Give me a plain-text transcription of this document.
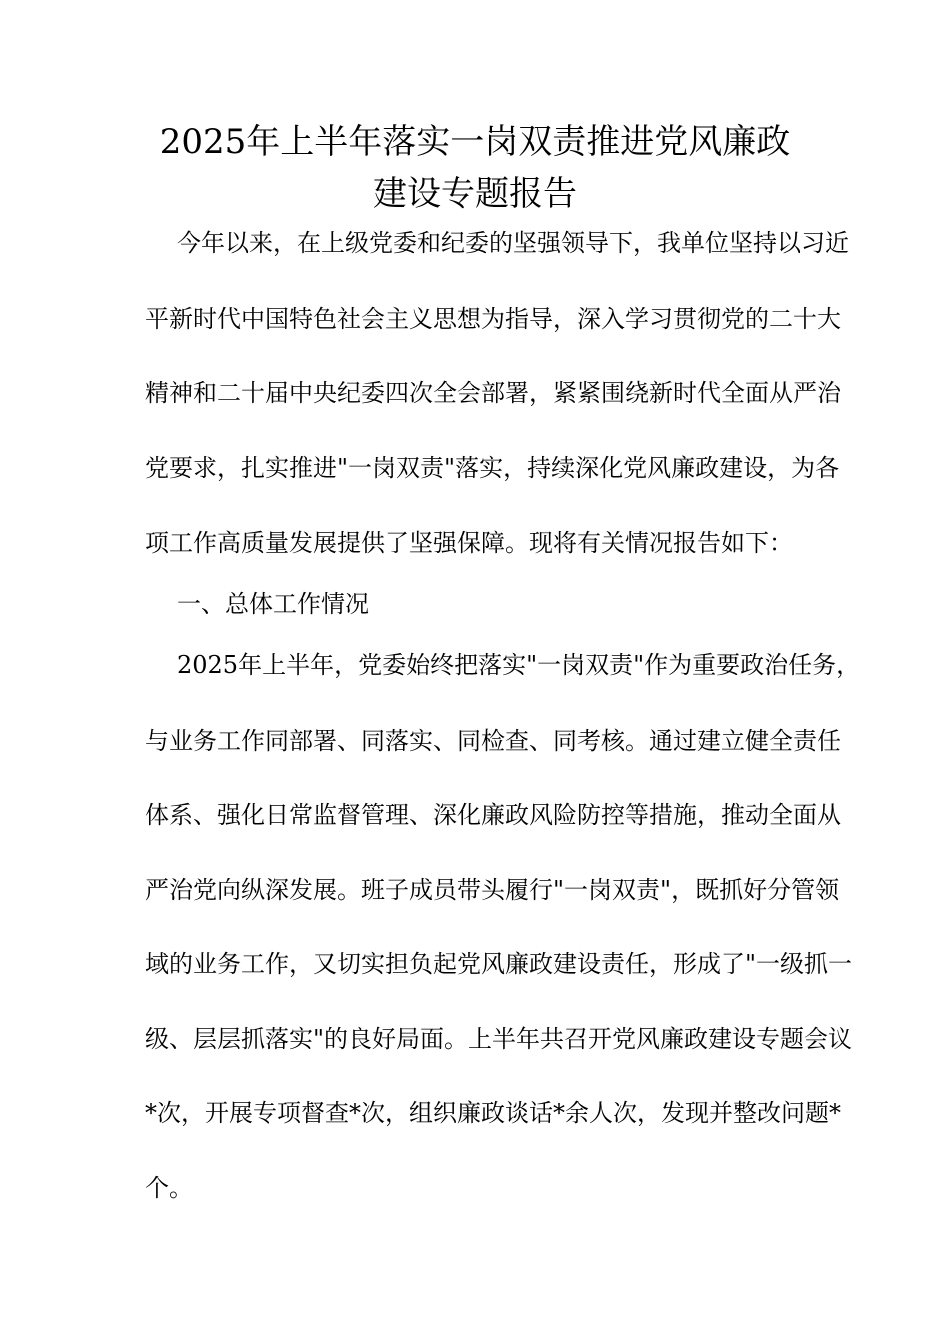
2025年上半年落实一岗双责推进党风廉政
建设专题报告
今年以来，在上级党委和纪委的坚强领导下，我单位坚持以习近
平新时代中国特色社会主义思想为指导，深入学习贯彻党的二十大
精神和二十届中央纪委四次全会部署，紧紧围绕新时代全面从严治
党要求，扎实推进"一岗双责"落实，持续深化党风廉政建设，为各
项工作高质量发展提供了坚强保障。现将有关情况报告如下：
一、总体工作情况
2025年上半年，党委始终把落实"一岗双责"作为重要政治任务，
与业务工作同部署、同落实、同检查、同考核。通过建立健全责任
体系、强化日常监督管理、深化廉政风险防控等措施，推动全面从
严治党向纵深发展。班子成员带头履行"一岗双责"，既抓好分管领
域的业务工作，又切实担负起党风廉政建设责任，形成了"一级抓一
级、层层抓落实"的良好局面。上半年共召开党风廉政建设专题会议
*次，开展专项督查*次，组织廉政谈话*余人次，发现并整改问题*
个。
